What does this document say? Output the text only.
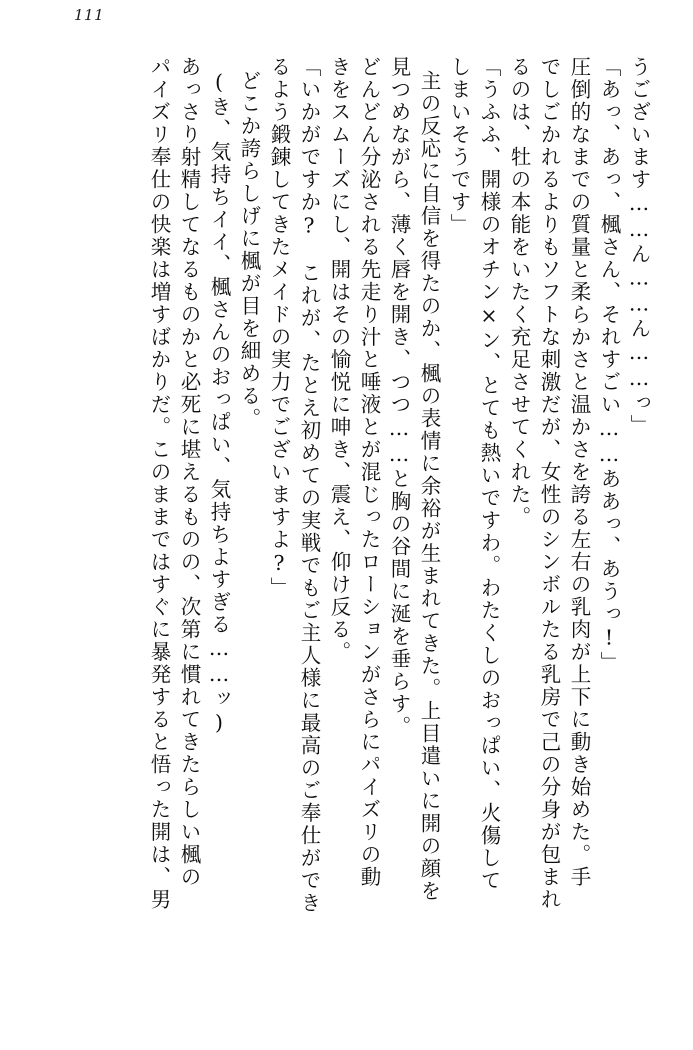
111
うございます……ん……ん……っ」
「あっ、あっ、楓さん、それすごい……ああっ、あうっ!」
圧倒的なまでの質量と柔らかさと温かさを誇る左右の乳肉が上下に動き始めた。手
でしごかれるよりもソフトな刺激だが、女性のシンボルたる乳房で己の分身が包まれ
るのは、牡の本能をいたく充足させてくれた。
「うふふ、開様のオチン×ン、とても熱いですわ。わたくしのおっぱい、火傷して
しまいそうです」
主の反応に自信を得たのか、楓の表情に余裕が生まれてきた。上目遣いに開の顔を
見つめながら、薄く唇を開き、つつ……と胸の谷間に涎を垂らす。
どんどん分泌される先走り汁と唾液とが混じったローションがさらにパイズリの動
きをスムーズにし、開はその愉悦に呻き、震え、仰け反る。
「いかがですか?　これが、たとえ初めての実戦でもご主人様に最高のご奉仕ができ
るよう鍛錬してきたメイドの実力でございますよ?」
どこか誇らしげに楓が目を細める。
(き、気持ちイイ、楓さんのおっぱい、気持ちよすぎる……ッ)
あっさり射精してなるものかと必死に堪えるものの、次第に慣れてきたらしい楓の
パイズリ奉仕の快楽は増すばかりだ。このままではすぐに暴発すると悟った開は、男
